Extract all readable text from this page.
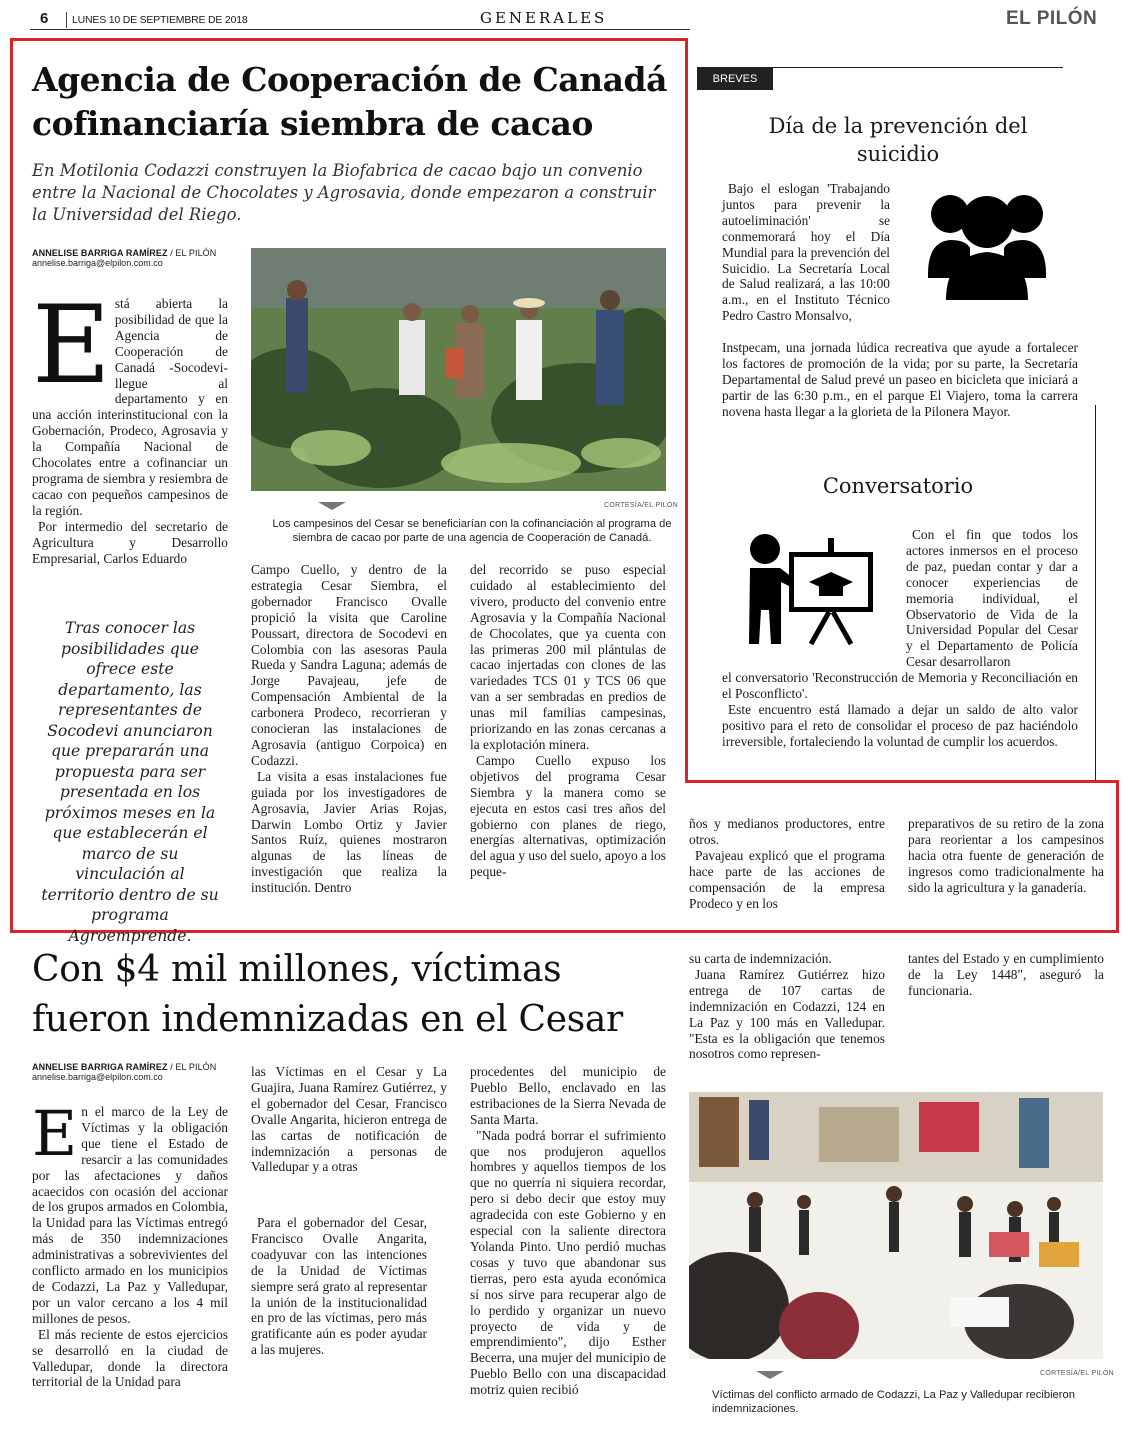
6 LUNES 10 DE SEPTIEMBRE DE 2018	GENERALES	EL PILÓN
Agencia de Cooperación de Canadá
cofinanciaría siembra de cacao

En Motilonia Codazzi construyen la Biofabrica de cacao bajo un convenio entre la Nacional de Chocolates y Agrosavia, donde empezaron a construir la Universidad del Riego.

ANNELISE BARRIGA RAMÍREZ / EL PILÓN
annelise.barriga@elpilon.com.co
E stá abierta la posibilidad de que la Agencia de Cooperación de Canadá -Socodevi- llegue al departamento y en una acción interinstitucional con la Gobernación, Prodeco, Agrosavia y la Compañía Nacional de Chocolates entre a cofinanciar un programa de siembra y resiembra de cacao con pequeños campesinos de la región.

Por intermedio del secretario de Agricultura y Desarrollo Empresarial, Carlos Eduardo

Tras conocer las posibilidades que ofrece este departamento, las representantes de Socodevi anunciaron que prepararán una propuesta para ser presentada en los próximos meses en la que establecerán el marco de su vinculación al territorio dentro de su programa Agroemprende.

CORTESÍA/EL PILÓN

Los campesinos del Cesar se beneficiarían con la cofinanciación al programa de siembra de cacao por parte de una agencia de Cooperación de Canadá.

Campo Cuello, y dentro de la estrategia Cesar Siembra, el gobernador Francisco Ovalle propició la visita que Caroline Poussart, directora de Socodevi en Colombia con las asesoras Paula Rueda y Sandra Laguna; además de Jorge Pavajeau, jefe de Compensación Ambiental de la carbonera Prodeco, recorrieran y conocieran las instalaciones de Agrosavia (antiguo Corpoica) en Codazzi.

La visita a esas instalaciones fue guiada por los investigadores de Agrosavia, Javier Arias Rojas, Darwin Lombo Ortiz y Javier Santos Ruíz, quienes mostraron algunas de las líneas de investigación que realiza la institución. Dentro

del recorrido se puso especial cuidado al establecimiento del vivero, producto del convenio entre Agrosavia y la Compañía Nacional de Chocolates, que ya cuenta con las primeras 200 mil plántulas de cacao injertadas con clones de las variedades TCS 01 y TCS 06 que van a ser sembradas en predios de unas mil familias campesinas, priorizando en las zonas cercanas a la explotación minera.

Campo Cuello expuso los objetivos del programa Cesar Siembra y la manera como se ejecuta en estos casi tres años del gobierno con planes de riego, energías alternativas, optimización del agua y uso del suelo, apoyo a los peque-

ños y medianos productores, entre otros.

Pavajeau explicó que el programa hace parte de las acciones de compensación de la empresa Prodeco y en los

preparativos de su retiro de la zona para reorientar a los campesinos hacia otra fuente de generación de ingresos como tradicionalmente ha sido la agricultura y la ganadería.

BREVES
Día de la prevención del suicidio

Bajo el eslogan 'Trabajando juntos para prevenir la autoeliminación' se conmemorará hoy el Día Mundial para la prevención del Suicidio. La Secretaría Local de Salud realizará, a las 10:00 a.m., en el Instituto Técnico Pedro Castro Monsalvo,

Instpecam, una jornada lúdica recreativa que ayude a fortalecer los factores de promoción de la vida; por su parte, la Secretaría Departamental de Salud prevé un paseo en bicicleta que iniciará a partir de las 6:30 p.m., en el parque El Viajero, toma la carrera novena hasta llegar a la glorieta de la Pilonera Mayor.

Conversatorio

Con el fin que todos los actores inmersos en el proceso de paz, puedan contar y dar a conocer experiencias de memoria individual, el Observatorio de Vida de la Universidad Popular del Cesar y el Departamento de Policía Cesar desarrollaron

el conversatorio 'Reconstrucción de Memoria y Reconciliación en el Posconflicto'.

Este encuentro está llamado a dejar un saldo de alto valor positivo para el reto de consolidar el proceso de paz haciéndolo irreversible, fortaleciendo la voluntad de cumplir los acuerdos.

Con $4 mil millones, víctimas
fueron indemnizadas en el Cesar
ANNELISE BARRIGA RAMÍREZ / EL PILÓN
annelise.barriga@elpilon.com.co
E n el marco de la Ley de Víctimas y la obligación que tiene el Estado de resarcir a las comunidades por las afectaciones y daños acaecidos con ocasión del accionar de los grupos armados en Colombia, la Unidad para las Víctimas entregó más de 350 indemnizaciones administrativas a sobrevivientes del conflicto armado en los municipios de Codazzi, La Paz y Valledupar, por un valor cercano a los 4 mil millones de pesos.

El más reciente de estos ejercicios se desarrolló en la ciudad de Valledupar, donde la directora territorial de la Unidad para

las Víctimas en el Cesar y La Guajira, Juana Ramírez Gutiérrez, y el gobernador del Cesar, Francisco Ovalle Angarita, hicieron entrega de las cartas de notificación de indemnización a personas de Valledupar y a otras

Para el gobernador del Cesar, Francisco Ovalle Angarita, coadyuvar con las intenciones de la Unidad de Víctimas siempre será grato al representar la unión de la institucionalidad en pro de las víctimas, pero más gratificante aún es poder ayudar a las mujeres.

procedentes del municipio de Pueblo Bello, enclavado en las estribaciones de la Sierra Nevada de Santa Marta.

"Nada podrá borrar el sufrimiento que nos produjeron aquellos hombres y aquellos tiempos de los que no querría ni siquiera recordar, pero si debo decir que estoy muy agradecida con este Gobierno y en especial con la saliente directora Yolanda Pinto. Uno perdió muchas cosas y tuvo que abandonar sus tierras, pero esta ayuda económica sí nos sirve para recuperar algo de lo perdido y organizar un nuevo proyecto de vida y de emprendimiento", dijo Esther Becerra, una mujer del municipio de Pueblo Bello con una discapacidad motriz quien recibió

su carta de indemnización.

Juana Ramírez Gutiérrez hizo entrega de 107 cartas de indemnización en Codazzi, 124 en La Paz y 100 más en Valledupar. "Esta es la obligación que tenemos nosotros como represen-

tantes del Estado y en cumplimiento de la Ley 1448", aseguró la funcionaria.

CORTESÍA/EL PILÓN

Víctimas del conflicto armado de Codazzi, La Paz y Valledupar recibieron indemnizaciones.
